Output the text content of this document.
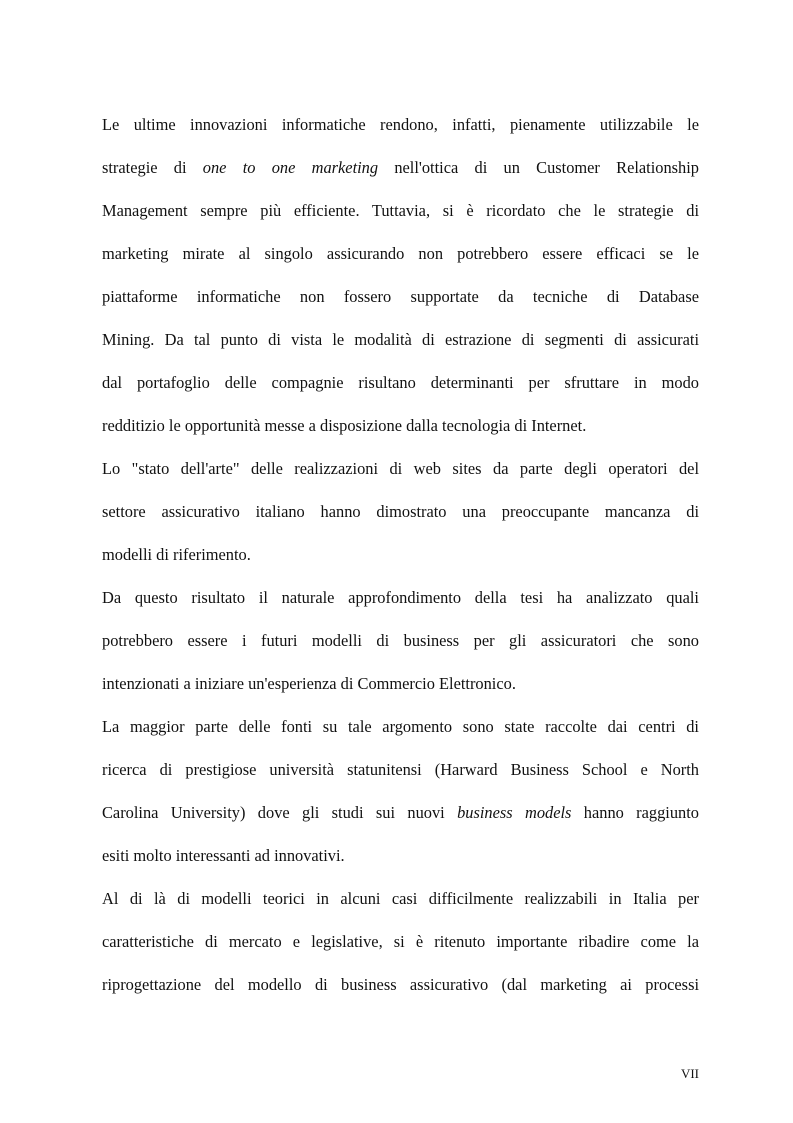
Le ultime innovazioni informatiche rendono, infatti, pienamente utilizzabile le
strategie di one to one marketing nell'ottica di un Customer Relationship
Management sempre più efficiente. Tuttavia, si è ricordato che le strategie di
marketing mirate al singolo assicurando non potrebbero essere efficaci se le
piattaforme informatiche non fossero supportate da tecniche di Database
Mining. Da tal punto di vista le modalità di estrazione di segmenti di assicurati
dal portafoglio delle compagnie risultano determinanti per sfruttare in modo
redditizio le opportunità messe a disposizione dalla tecnologia di Internet.

Lo "stato dell'arte" delle realizzazioni di web sites da parte degli operatori del
settore assicurativo italiano hanno dimostrato una preoccupante mancanza di
modelli di riferimento.

Da questo risultato il naturale approfondimento della tesi ha analizzato quali
potrebbero essere i futuri modelli di business per gli assicuratori che sono
intenzionati a iniziare un'esperienza di Commercio Elettronico.

La maggior parte delle fonti su tale argomento sono state raccolte dai centri di
ricerca di prestigiose università statunitensi (Harward Business School e North
Carolina University) dove gli studi sui nuovi business models hanno raggiunto
esiti molto interessanti ad innovativi.

Al di là di modelli teorici in alcuni casi difficilmente realizzabili in Italia per
caratteristiche di mercato e legislative, si è ritenuto importante ribadire come la
riprogettazione del modello di business assicurativo (dal marketing ai processi

VII
